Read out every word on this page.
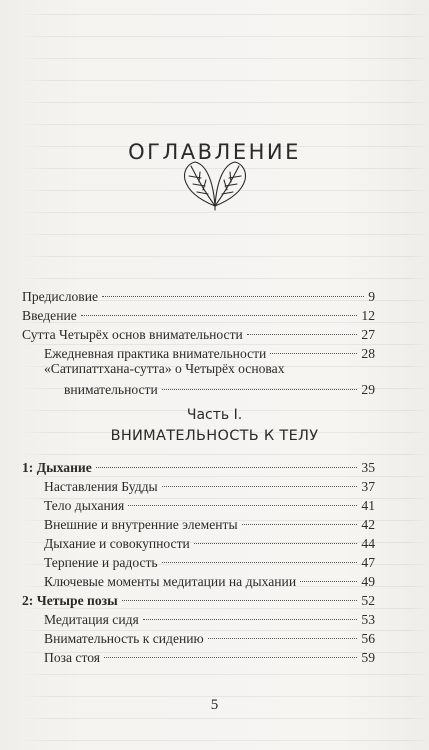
ОГЛАВЛЕНИЕ
Предисловие	9
Введение	12
Сутта Четырёх основ внимательности	27
Ежедневная практика внимательности	28
«Сатипаттхана-сутта» о Четырёх основах
внимательности	29
Часть I.
ВНИМАТЕЛЬНОСТЬ К ТЕЛУ
1: Дыхание	35
Наставления Будды	37
Тело дыхания	41
Внешние и внутренние элементы	42
Дыхание и совокупности	44
Терпение и радость	47
Ключевые моменты медитации на дыхании	49
2: Четыре позы	52
Медитация сидя	53
Внимательность к сидению	56
Поза стоя	59
5
